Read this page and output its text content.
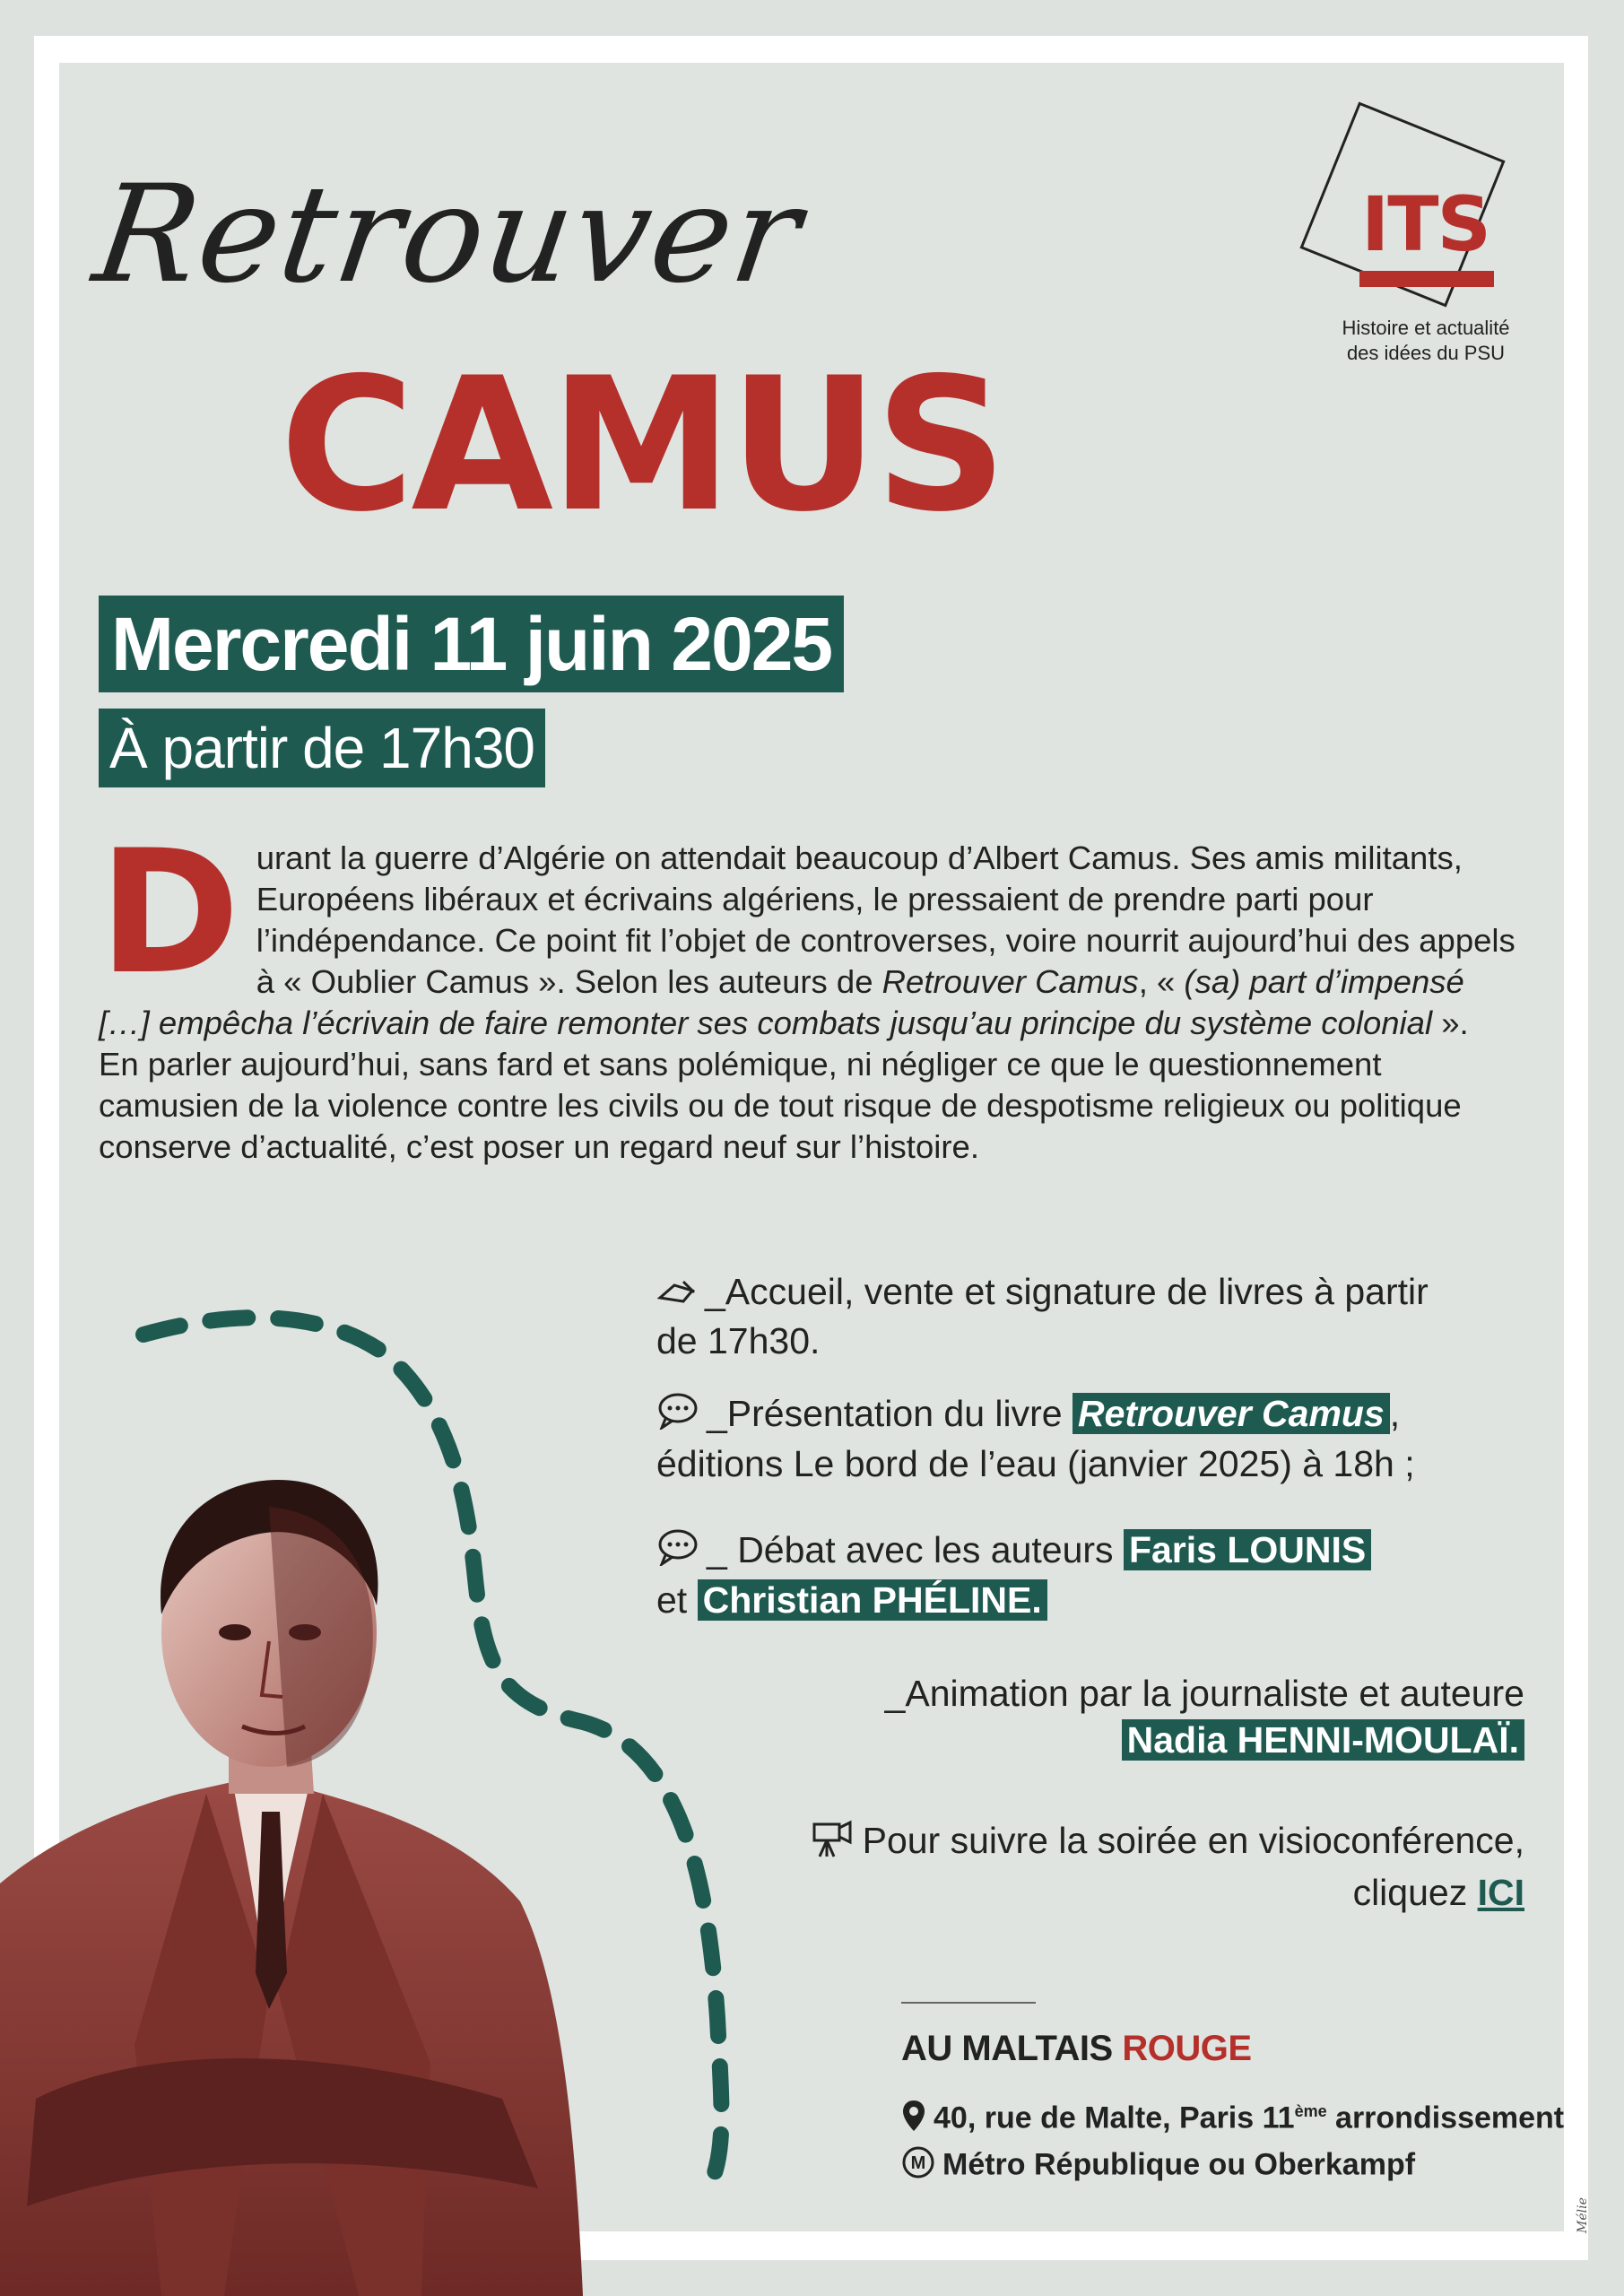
Retrouver
CAMUS
ITS
Histoire et actualité
des idées du PSU
Mercredi 11 juin 2025
À partir de 17h30
Durant la guerre d’Algérie on attendait beaucoup d’Albert Camus. Ses amis militants, Européens libéraux et écrivains algériens, le pressaient de prendre parti pour l’indépendance. Ce point fit l’objet de controverses, voire nourrit aujourd’hui des appels à « Oublier Camus ». Selon les auteurs de Retrouver Camus, « (sa) part d’impensé […] empêcha l’écrivain de faire remonter ses combats jusqu’au principe du système colonial ». En parler aujourd’hui, sans fard et sans polémique, ni négliger ce que le questionnement camusien de la violence contre les civils ou de tout risque de despotisme religieux ou politique conserve d’actualité, c’est poser un regard neuf sur l’histoire.
_Accueil, vente et signature de livres à partir de 17h30.
_Présentation du livre Retrouver Camus , éditions Le bord de l’eau (janvier 2025) à 18h ;
_ Débat avec les auteurs Faris LOUNIS
et Christian PHÉLINE.
_Animation par la journaliste et auteure
Nadia HENNI-MOULAÏ.
Pour suivre la soirée en visioconférence,
cliquez ICI
AU MALTAIS ROUGE
40, rue de Malte, Paris 11ème arrondissement
M Métro République ou Oberkampf
Mélie
